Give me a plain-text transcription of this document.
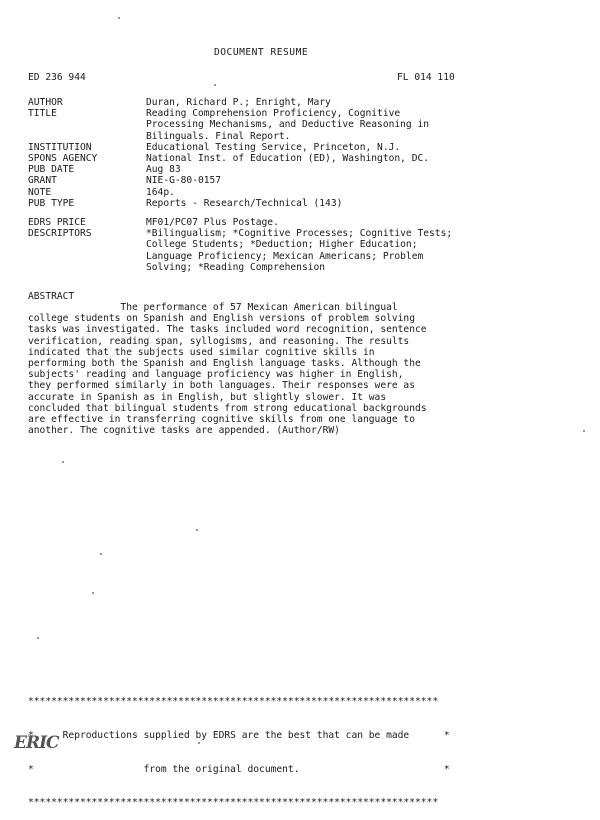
DOCUMENT RESUME
ED 236 944	FL 014 110
AUTHOR	Duran, Richard P.; Enright, Mary
TITLE	Reading Comprehension Proficiency, Cognitive
Processing Mechanisms, and Deductive Reasoning in
Bilinguals. Final Report.
INSTITUTION	Educational Testing Service, Princeton, N.J.
SPONS AGENCY	National Inst. of Education (ED), Washington, DC.
PUB DATE	Aug 83
GRANT	NIE-G-80-0157
NOTE	164p.
PUB TYPE	Reports - Research/Technical (143)
EDRS PRICE	MF01/PC07 Plus Postage.
DESCRIPTORS	*Bilingualism; *Cognitive Processes; Cognitive Tests;
College Students; *Deduction; Higher Education;
Language Proficiency; Mexican Americans; Problem
Solving; *Reading Comprehension
ABSTRACT
The performance of 57 Mexican American bilingual
college students on Spanish and English versions of problem solving
tasks was investigated. The tasks included word recognition, sentence
verification, reading span, syllogisms, and reasoning. The results
indicated that the subjects used similar cognitive skills in
performing both the Spanish and English language tasks. Although the
subjects' reading and language proficiency was higher in English,
they performed similarly in both languages. Their responses were as
accurate in Spanish as in English, but slightly slower. It was
concluded that bilingual students from strong educational backgrounds
are effective in transferring cognitive skills from one language to
another. The cognitive tasks are appended. (Author/RW)

***********************************************************************

*     Reproductions supplied by EDRS are the best that can be made      *

*                   from the original document.                         *

***********************************************************************

ERIC
